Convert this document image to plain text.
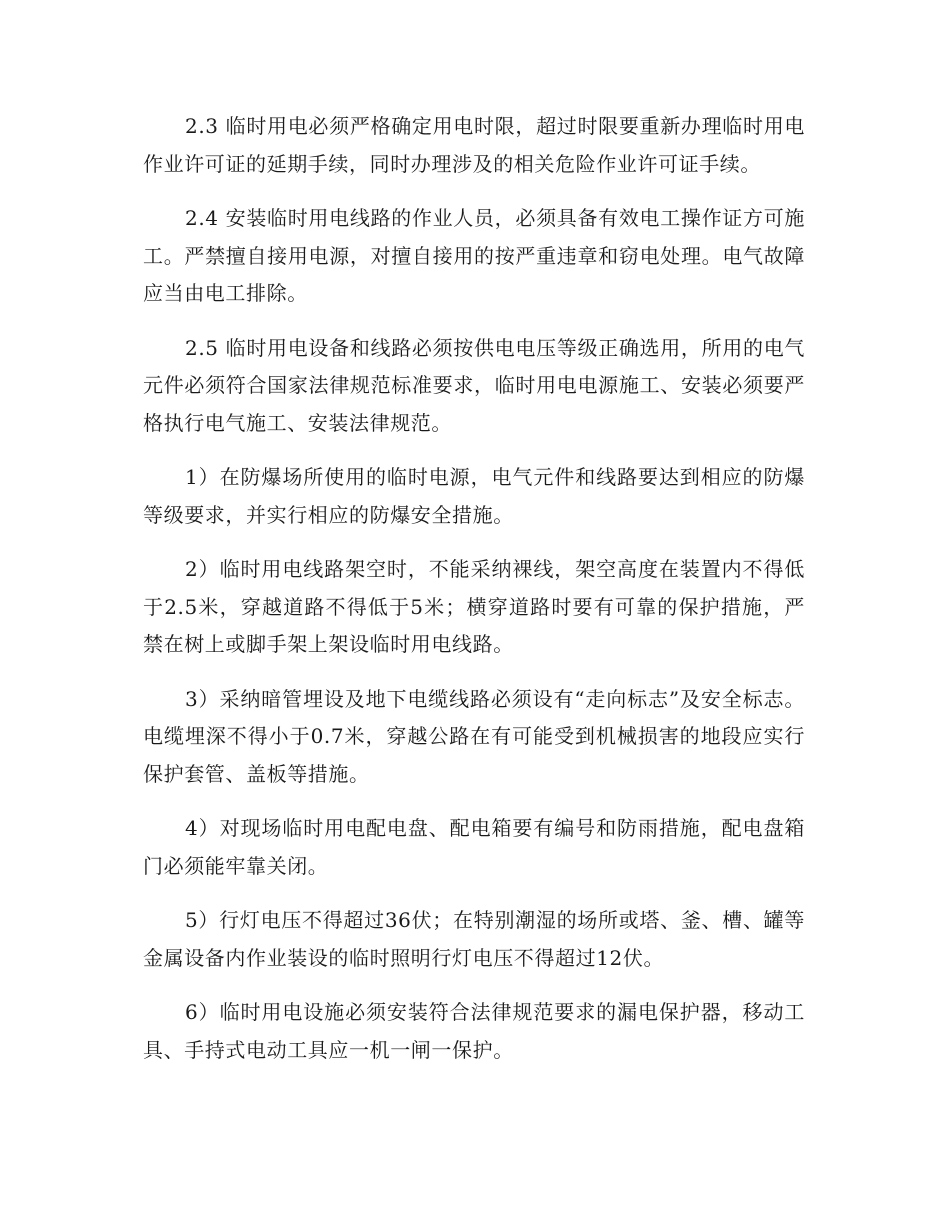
2.3 临时用电必须严格确定用电时限，超过时限要重新办理临时用电作业许可证的延期手续，同时办理涉及的相关危险作业许可证手续。

2.4 安装临时用电线路的作业人员，必须具备有效电工操作证方可施工。严禁擅自接用电源，对擅自接用的按严重违章和窃电处理。电气故障应当由电工排除。

2.5 临时用电设备和线路必须按供电电压等级正确选用，所用的电气元件必须符合国家法律规范标准要求，临时用电电源施工、安装必须要严格执行电气施工、安装法律规范。

1）在防爆场所使用的临时电源，电气元件和线路要达到相应的防爆等级要求，并实行相应的防爆安全措施。

2）临时用电线路架空时，不能采纳裸线，架空高度在装置内不得低于2.5米，穿越道路不得低于5米；横穿道路时要有可靠的保护措施，严禁在树上或脚手架上架设临时用电线路。

3）采纳暗管埋设及地下电缆线路必须设有“走向标志”及安全标志。电缆埋深不得小于0.7米，穿越公路在有可能受到机械损害的地段应实行保护套管、盖板等措施。

4）对现场临时用电配电盘、配电箱要有编号和防雨措施，配电盘箱门必须能牢靠关闭。

5）行灯电压不得超过36伏；在特别潮湿的场所或塔、釜、槽、罐等金属设备内作业装设的临时照明行灯电压不得超过12伏。

6）临时用电设施必须安装符合法律规范要求的漏电保护器，移动工具、手持式电动工具应一机一闸一保护。
